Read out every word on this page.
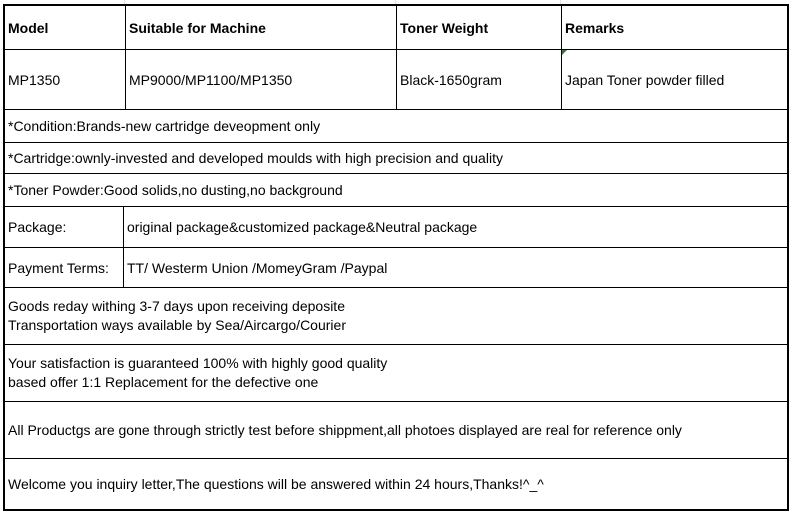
Model	Suitable for Machine	Toner Weight	Remarks
MP1350	MP9000/MP1100/MP1350	Black-1650gram	Japan Toner powder filled
*Condition:Brands-new cartridge deveopment only
*Cartridge:ownly-invested and developed moulds with high precision and quality
*Toner Powder:Good solids,no dusting,no background
Package:	original package&customized package&Neutral package
Payment Terms:	TT/ Westerm Union /MomeyGram /Paypal
Goods reday withing 3-7 days upon receiving deposite
Transportation ways available by Sea/Aircargo/Courier
Your satisfaction is guaranteed 100% with highly good quality
based offer 1:1 Replacement for the defective one
All Productgs are gone through strictly test before shippment,all photoes displayed are real for reference only
Welcome you inquiry letter,The questions will be answered within 24 hours,Thanks!^_^
